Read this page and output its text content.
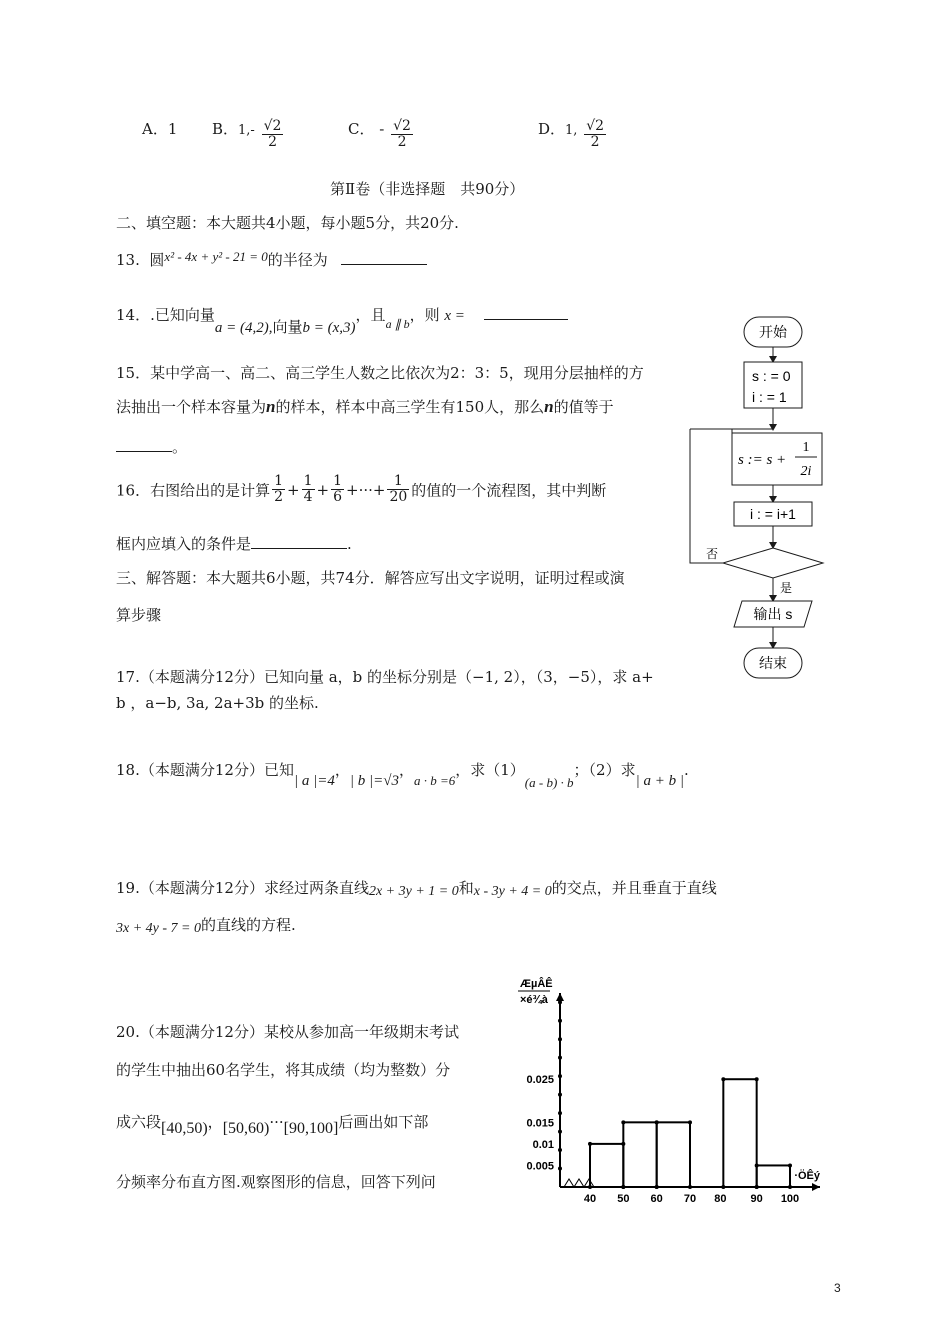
A．1 B．$1,- \frac{√2}{2}$	C． - $\frac{√2}{2}$	D．1, $\frac{√2}{2}$
第Ⅱ卷（非选择题　共90分）
二、填空题：本大题共4小题，每小题5分，共20分.
13. 圆x² - 4x + y² - 21 = 0的半径为
14．.已知向量a = (4,2),向量b = (x,3)，且$_{a \parallel b}$，则 x =
15．某中学高一、高二、高三学生人数之比依次为2：3：5，现用分层抽样的方
法抽出一个样本容量为n的样本，样本中高三学生有150人，那么n的值等于
。
16．右图给出的是计算 $\frac{1}{2} + \frac{1}{4} + \frac{1}{6}$ +···+ $\frac{1}{20}$ 的值的一个流程图，其中判断
框内应填入的条件是	.
三、解答题：本大题共6小题，共74分．解答应写出文字说明，证明过程或演
算步骤
17.（本题满分12分）已知向量 a，b 的坐标分别是（−1, 2），（3，−5），求 a+
b ，a−b, 3a, 2a+3b 的坐标.
18.（本题满分12分）已知| a |=4，| b |=√3，a · b =6，求（1）(a - b) · b；（2）求| a + b |.
19.（本题满分12分）求经过两条直线2x + 3y + 1 = 0和x - 3y + 4 = 0的交点，并且垂直于直线
3x + 4y - 7 = 0的直线的方程.
20.（本题满分12分）某校从参加高一年级期末考试
的学生中抽出60名学生，将其成绩（均为整数）分
成六段[40,50)，[50,60)···[90,100]后画出如下部
分频率分布直方图.观察图形的信息，回答下列问
开始
s : = 0
i : = 1
s := s +
1
2i
i : = i+1
否
是
输出 s
结束
ÆµÂÊ
×é¾à
0.025
0.015
0.01
0.005
40 50 60 70 80 90 100
·ÖÊý
3
